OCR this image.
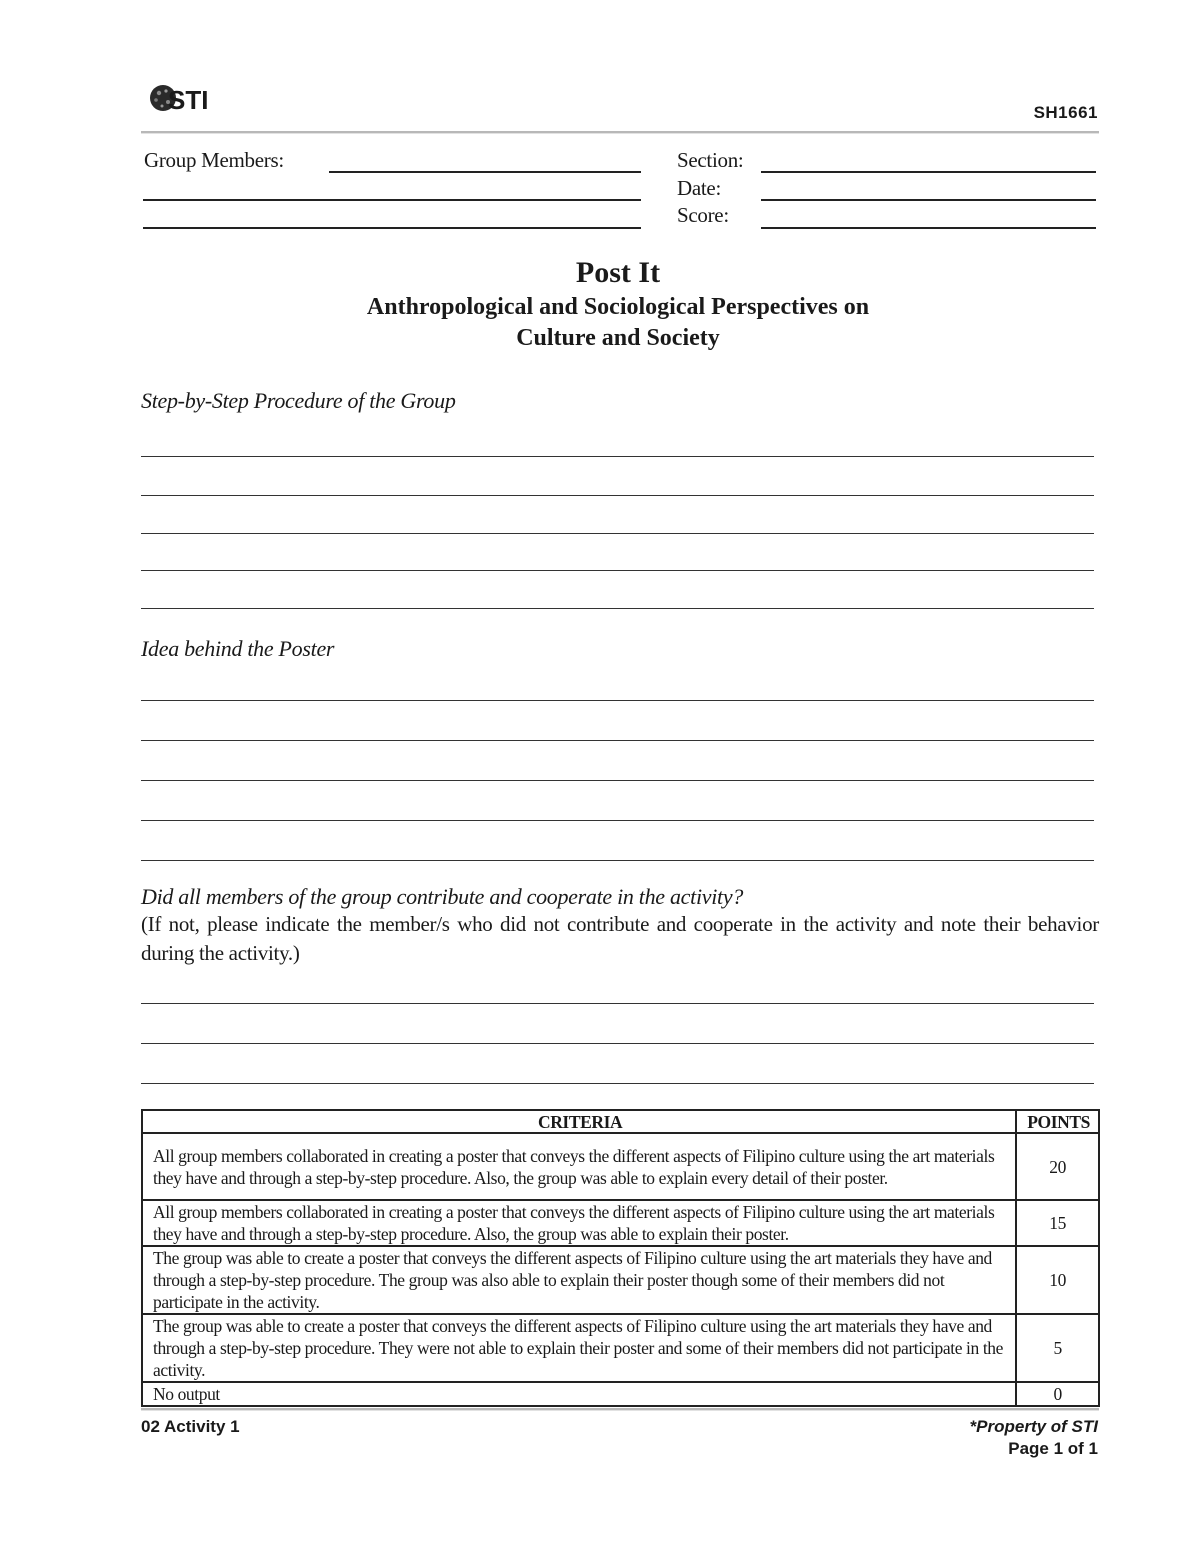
STI	SH1661
Group Members:	Section:
Date:
Score:
Post It
Anthropological and Sociological Perspectives on
Culture and Society
Step-by-Step Procedure of the Group
Idea behind the Poster
Did all members of the group contribute and cooperate in the activity?
(If not, please indicate the member/s who did not contribute and cooperate in the activity and note their behavior during the activity.)
CRITERIA	POINTS
All group members collaborated in creating a poster that conveys the different aspects of Filipino culture using the art materials they have and through a step-by-step procedure. Also, the group was able to explain every detail of their poster.	20
All group members collaborated in creating a poster that conveys the different aspects of Filipino culture using the art materials they have and through a step-by-step procedure. Also, the group was able to explain their poster.	15
The group was able to create a poster that conveys the different aspects of Filipino culture using the art materials they have and through a step-by-step procedure. The group was also able to explain their poster though some of their members did not participate in the activity.	10
The group was able to create a poster that conveys the different aspects of Filipino culture using the art materials they have and through a step-by-step procedure. They were not able to explain their poster and some of their members did not participate in the activity.	5
No output	0
02 Activity 1	*Property of STI
Page 1 of 1
